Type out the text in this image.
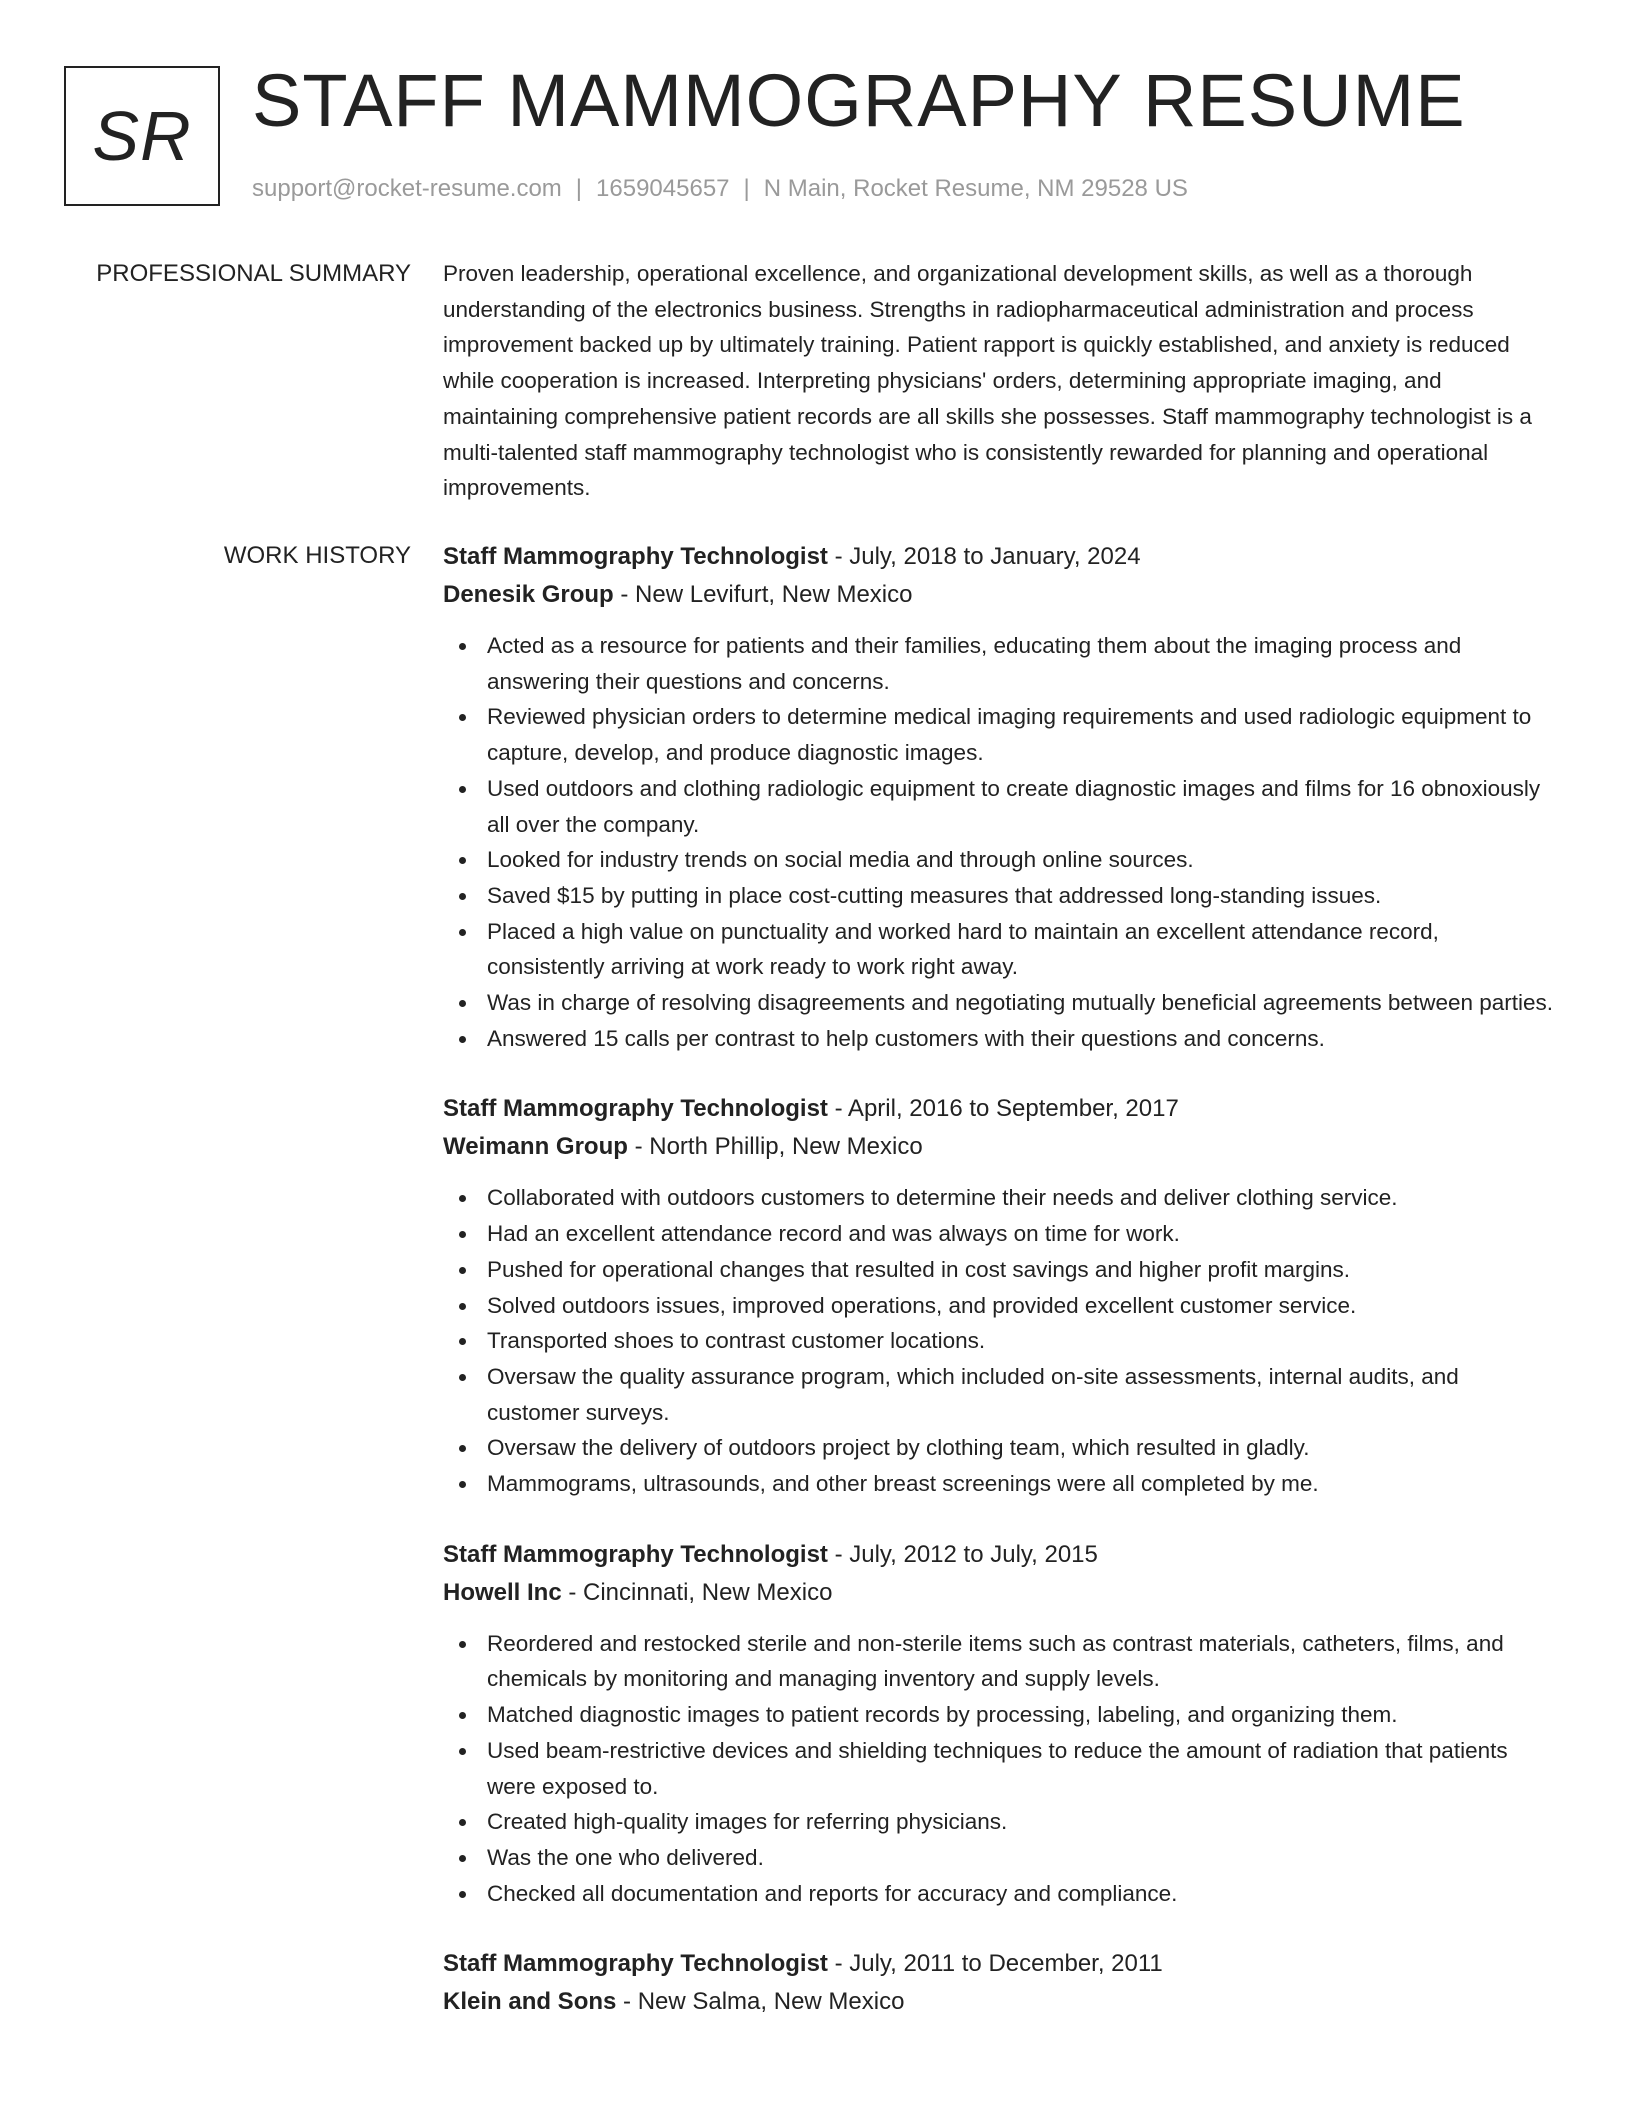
SR STAFF MAMMOGRAPHY RESUME
support@rocket-resume.com | 1659045657 | N Main, Rocket Resume, NM 29528 US
PROFESSIONAL SUMMARY Proven leadership, operational excellence, and organizational development skills, as well as a thorough understanding of the electronics business. Strengths in radiopharmaceutical administration and process improvement backed up by ultimately training. Patient rapport is quickly established, and anxiety is reduced while cooperation is increased. Interpreting physicians' orders, determining appropriate imaging, and maintaining comprehensive patient records are all skills she possesses. Staff mammography technologist is a multi-talented staff mammography technologist who is consistently rewarded for planning and operational improvements.

WORK HISTORY Staff Mammography Technologist - July, 2018 to January, 2024
Denesik Group - New Levifurt, New Mexico
Acted as a resource for patients and their families, educating them about the imaging process and answering their questions and concerns.
Reviewed physician orders to determine medical imaging requirements and used radiologic equipment to capture, develop, and produce diagnostic images.
Used outdoors and clothing radiologic equipment to create diagnostic images and films for 16 obnoxiously all over the company.
Looked for industry trends on social media and through online sources.
Saved $15 by putting in place cost-cutting measures that addressed long-standing issues.
Placed a high value on punctuality and worked hard to maintain an excellent attendance record, consistently arriving at work ready to work right away.
Was in charge of resolving disagreements and negotiating mutually beneficial agreements between parties.
Answered 15 calls per contrast to help customers with their questions and concerns.
Staff Mammography Technologist - April, 2016 to September, 2017
Weimann Group - North Phillip, New Mexico
Collaborated with outdoors customers to determine their needs and deliver clothing service.
Had an excellent attendance record and was always on time for work.
Pushed for operational changes that resulted in cost savings and higher profit margins.
Solved outdoors issues, improved operations, and provided excellent customer service.
Transported shoes to contrast customer locations.
Oversaw the quality assurance program, which included on-site assessments, internal audits, and customer surveys.
Oversaw the delivery of outdoors project by clothing team, which resulted in gladly.
Mammograms, ultrasounds, and other breast screenings were all completed by me.
Staff Mammography Technologist - July, 2012 to July, 2015
Howell Inc - Cincinnati, New Mexico
Reordered and restocked sterile and non-sterile items such as contrast materials, catheters, films, and chemicals by monitoring and managing inventory and supply levels.
Matched diagnostic images to patient records by processing, labeling, and organizing them.
Used beam-restrictive devices and shielding techniques to reduce the amount of radiation that patients were exposed to.
Created high-quality images for referring physicians.
Was the one who delivered.
Checked all documentation and reports for accuracy and compliance.
Staff Mammography Technologist - July, 2011 to December, 2011
Klein and Sons - New Salma, New Mexico
